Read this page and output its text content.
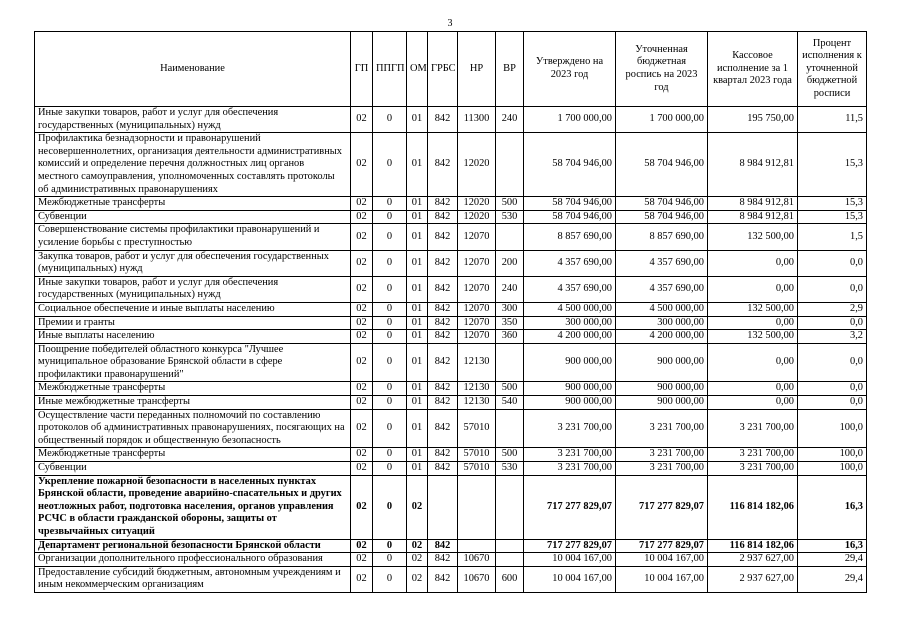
3
Наименование	ГП	ППГП	ОМ	ГРБС	НР	ВР	Утверждено на 2023 год	Уточненная бюджетная роспись на 2023 год	Кассовое исполнение за 1 квартал 2023 года	Процент исполнения к уточненной бюджетной росписи
Иные закупки товаров, работ и услуг для обеспечения государственных (муниципальных) нужд	02	0	01	842	11300	240	1 700 000,00	1 700 000,00	195 750,00	11,5
Профилактика безнадзорности и правонарушений несовершеннолетних, организация деятельности административных комиссий и определение перечня должностных лиц органов местного самоуправления, уполномоченных составлять протоколы об административных правонарушениях	02	0	01	842	12020		58 704 946,00	58 704 946,00	8 984 912,81	15,3
Межбюджетные трансферты	02	0	01	842	12020	500	58 704 946,00	58 704 946,00	8 984 912,81	15,3
Субвенции	02	0	01	842	12020	530	58 704 946,00	58 704 946,00	8 984 912,81	15,3
Совершенствование системы профилактики правонарушений и усиление борьбы с преступностью	02	0	01	842	12070		8 857 690,00	8 857 690,00	132 500,00	1,5
Закупка товаров, работ и услуг для обеспечения государственных (муниципальных) нужд	02	0	01	842	12070	200	4 357 690,00	4 357 690,00	0,00	0,0
Иные закупки товаров, работ и услуг для обеспечения государственных (муниципальных) нужд	02	0	01	842	12070	240	4 357 690,00	4 357 690,00	0,00	0,0
Социальное обеспечение и иные выплаты населению	02	0	01	842	12070	300	4 500 000,00	4 500 000,00	132 500,00	2,9
Премии и гранты	02	0	01	842	12070	350	300 000,00	300 000,00	0,00	0,0
Иные выплаты населению	02	0	01	842	12070	360	4 200 000,00	4 200 000,00	132 500,00	3,2
Поощрение победителей областного конкурса "Лучшее муниципальное образование Брянской области в сфере профилактики правонарушений"	02	0	01	842	12130		900 000,00	900 000,00	0,00	0,0
Межбюджетные трансферты	02	0	01	842	12130	500	900 000,00	900 000,00	0,00	0,0
Иные межбюджетные трансферты	02	0	01	842	12130	540	900 000,00	900 000,00	0,00	0,0
Осуществление части переданных полномочий по составлению протоколов об административных правонарушениях, посягающих на общественный порядок и общественную безопасность	02	0	01	842	57010		3 231 700,00	3 231 700,00	3 231 700,00	100,0
Межбюджетные трансферты	02	0	01	842	57010	500	3 231 700,00	3 231 700,00	3 231 700,00	100,0
Субвенции	02	0	01	842	57010	530	3 231 700,00	3 231 700,00	3 231 700,00	100,0
Укрепление пожарной безопасности в населенных пунктах Брянской области, проведение аварийно-спасательных и других неотложных работ, подготовка населения, органов управления РСЧС в области гражданской обороны, защиты от чрезвычайных ситуаций	02	0	02				717 277 829,07	717 277 829,07	116 814 182,06	16,3
Департамент региональной безопасности Брянской области	02	0	02	842			717 277 829,07	717 277 829,07	116 814 182,06	16,3
Организации дополнительного профессионального образования	02	0	02	842	10670		10 004 167,00	10 004 167,00	2 937 627,00	29,4
Предоставление субсидий бюджетным, автономным учреждениям и иным некоммерческим организациям	02	0	02	842	10670	600	10 004 167,00	10 004 167,00	2 937 627,00	29,4
